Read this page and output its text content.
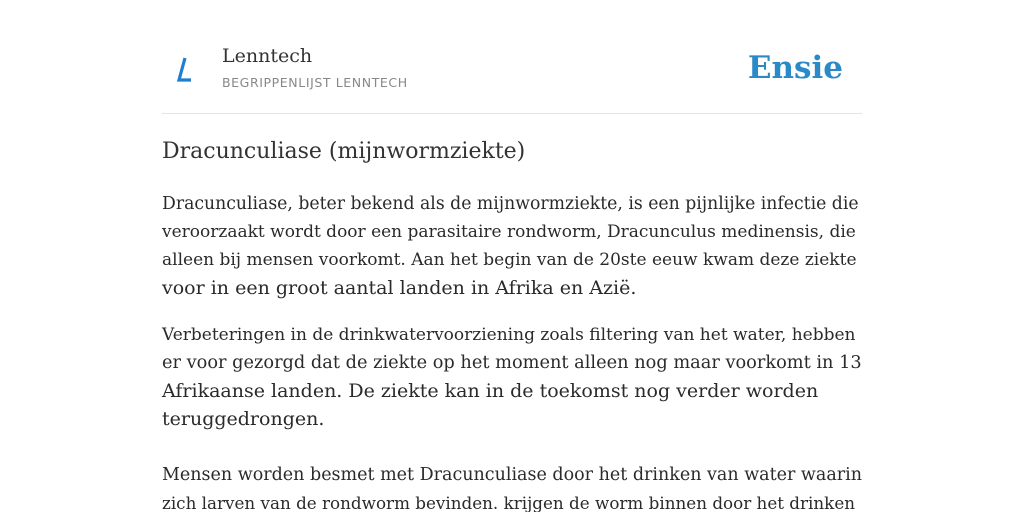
Lenntech
BEGRIPPENLIJST LENNTECH	Ensie
Dracunculiase (mijnwormziekte)

Dracunculiase, beter bekend als de mijnwormziekte, is een pijnlijke infectie die
veroorzaakt wordt door een parasitaire rondworm, Dracunculus medinensis, die
alleen bij mensen voorkomt. Aan het begin van de 20ste eeuw kwam deze ziekte
voor in een groot aantal landen in Afrika en Azië.

Verbeteringen in de drinkwatervoorziening zoals filtering van het water, hebben
er voor gezorgd dat de ziekte op het moment alleen nog maar voorkomt in 13
Afrikaanse landen. De ziekte kan in de toekomst nog verder worden
teruggedrongen.

Mensen worden besmet met Dracunculiase door het drinken van water waarin
zich larven van de rondworm bevinden. krijgen de worm binnen door het drinken
